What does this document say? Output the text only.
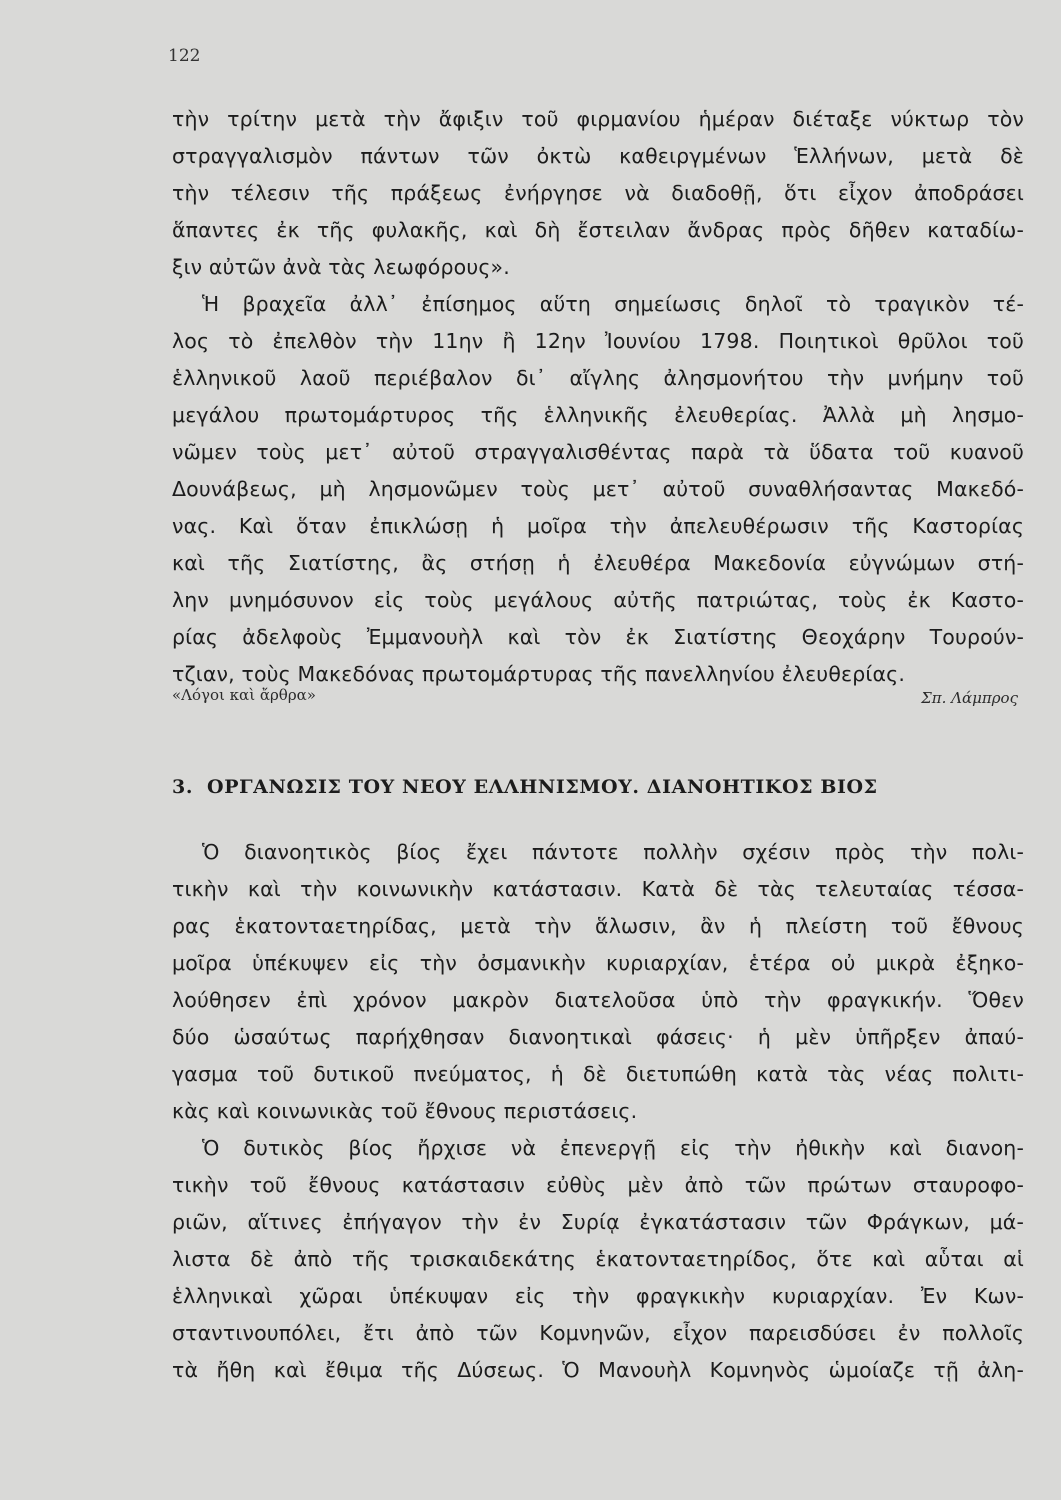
122
τὴν τρίτην μετὰ τὴν ἄφιξιν τοῦ φιρμανίου ἡμέραν διέταξε νύκτωρ τὸν
στραγγαλισμὸν πάντων τῶν ὀκτὼ καθειργμένων Ἑλλήνων, μετὰ δὲ
τὴν τέλεσιν τῆς πράξεως ἐνήργησε νὰ διαδοθῇ, ὅτι εἶχον ἀποδράσει
ἅπαντες ἐκ τῆς φυλακῆς, καὶ δὴ ἔστειλαν ἄνδρας πρὸς δῆθεν καταδίω-
ξιν αὐτῶν ἀνὰ τὰς λεωφόρους».
Ἡ βραχεῖα ἀλλ᾽ ἐπίσημος αὕτη σημείωσις δηλοῖ τὸ τραγικὸν τέ-
λος τὸ ἐπελθὸν τὴν 11ην ἢ 12ην Ἰουνίου 1798. Ποιητικοὶ θρῦλοι τοῦ
ἑλληνικοῦ λαοῦ περιέβαλον δι᾽ αἴγλης ἀλησμονήτου τὴν μνήμην τοῦ
μεγάλου πρωτομάρτυρος τῆς ἑλληνικῆς ἐλευθερίας. Ἀλλὰ μὴ λησμο-
νῶμεν τοὺς μετ᾽ αὐτοῦ στραγγαλισθέντας παρὰ τὰ ὕδατα τοῦ κυανοῦ
Δουνάβεως, μὴ λησμονῶμεν τοὺς μετ᾽ αὐτοῦ συναθλήσαντας Μακεδό-
νας. Καὶ ὅταν ἐπικλώσῃ ἡ μοῖρα τὴν ἀπελευθέρωσιν τῆς Καστορίας
καὶ τῆς Σιατίστης, ἂς στήσῃ ἡ ἐλευθέρα Μακεδονία εὐγνώμων στή-
λην μνημόσυνον εἰς τοὺς μεγάλους αὐτῆς πατριώτας, τοὺς ἐκ Καστο-
ρίας ἀδελφοὺς Ἐμμανουὴλ καὶ τὸν ἐκ Σιατίστης Θεοχάρην Τουρούν-
τζιαν, τοὺς Μακεδόνας πρωτομάρτυρας τῆς πανελληνίου ἐλευθερίας.
«Λόγοι καὶ ἄρθρα»	Σπ. Λάμπρος
3. ΟΡΓΑΝΩΣΙΣ ΤΟΥ ΝΕΟΥ ΕΛΛΗΝΙΣΜΟΥ. ΔΙΑΝΟΗΤΙΚΟΣ ΒΙΟΣ
Ὁ διανοητικὸς βίος ἔχει πάντοτε πολλὴν σχέσιν πρὸς τὴν πολι-
τικὴν καὶ τὴν κοινωνικὴν κατάστασιν. Κατὰ δὲ τὰς τελευταίας τέσσα-
ρας ἑκατονταετηρίδας, μετὰ τὴν ἅλωσιν, ἂν ἡ πλείστη τοῦ ἔθνους
μοῖρα ὑπέκυψεν εἰς τὴν ὀσμανικὴν κυριαρχίαν, ἑτέρα οὐ μικρὰ ἐξηκο-
λούθησεν ἐπὶ χρόνον μακρὸν διατελοῦσα ὑπὸ τὴν φραγκικήν. Ὅθεν
δύο ὡσαύτως παρήχθησαν διανοητικαὶ φάσεις· ἡ μὲν ὑπῆρξεν ἀπαύ-
γασμα τοῦ δυτικοῦ πνεύματος, ἡ δὲ διετυπώθη κατὰ τὰς νέας πολιτι-
κὰς καὶ κοινωνικὰς τοῦ ἔθνους περιστάσεις.
Ὁ δυτικὸς βίος ἤρχισε νὰ ἐπενεργῇ εἰς τὴν ἠθικὴν καὶ διανοη-
τικὴν τοῦ ἔθνους κατάστασιν εὐθὺς μὲν ἀπὸ τῶν πρώτων σταυροφο-
ριῶν, αἵτινες ἐπήγαγον τὴν ἐν Συρίᾳ ἐγκατάστασιν τῶν Φράγκων, μά-
λιστα δὲ ἀπὸ τῆς τρισκαιδεκάτης ἑκατονταετηρίδος, ὅτε καὶ αὗται αἱ
ἑλληνικαὶ χῶραι ὑπέκυψαν εἰς τὴν φραγκικὴν κυριαρχίαν. Ἐν Κων-
σταντινουπόλει, ἔτι ἀπὸ τῶν Κομνηνῶν, εἶχον παρεισδύσει ἐν πολλοῖς
τὰ ἤθη καὶ ἔθιμα τῆς Δύσεως. Ὁ Μανουὴλ Κομνηνὸς ὡμοίαζε τῇ ἀλη-
